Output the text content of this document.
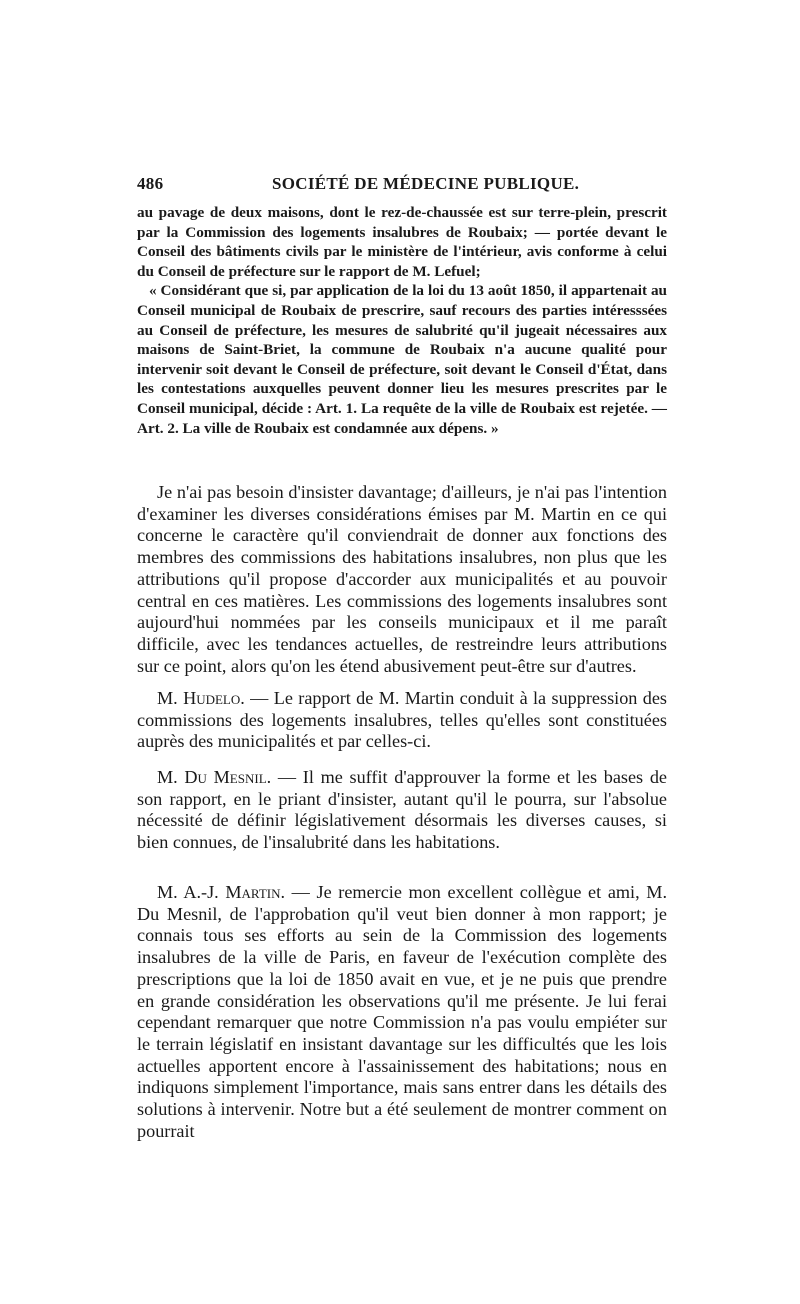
486	SOCIÉTÉ DE MÉDECINE PUBLIQUE.

au pavage de deux maisons, dont le rez-de-chaussée est sur terre-plein, prescrit par la Commission des logements insalubres de Roubaix; — portée devant le Conseil des bâtiments civils par le ministère de l'intérieur, avis conforme à celui du Conseil de préfecture sur le rapport de M. Lefuel;

« Considérant que si, par application de la loi du 13 août 1850, il appartenait au Conseil municipal de Roubaix de prescrire, sauf recours des parties intéresssées au Conseil de préfecture, les mesures de salubrité qu'il jugeait nécessaires aux maisons de Saint-Briet, la commune de Roubaix n'a aucune qualité pour intervenir soit devant le Conseil de préfecture, soit devant le Conseil d'État, dans les contestations auxquelles peuvent donner lieu les mesures prescrites par le Conseil municipal, décide : Art. 1. La requête de la ville de Roubaix est rejetée. — Art. 2. La ville de Roubaix est condamnée aux dépens. »

Je n'ai pas besoin d'insister davantage; d'ailleurs, je n'ai pas l'intention d'examiner les diverses considérations émises par M. Martin en ce qui concerne le caractère qu'il conviendrait de donner aux fonctions des membres des commissions des habitations insalubres, non plus que les attributions qu'il propose d'accorder aux municipalités et au pouvoir central en ces matières. Les commissions des logements insalubres sont aujourd'hui nommées par les conseils municipaux et il me paraît difficile, avec les tendances actuelles, de restreindre leurs attributions sur ce point, alors qu'on les étend abusivement peut-être sur d'autres.

M. Hudelo. — Le rapport de M. Martin conduit à la suppression des commissions des logements insalubres, telles qu'elles sont constituées auprès des municipalités et par celles-ci.

M. Du Mesnil. — Il me suffit d'approuver la forme et les bases de son rapport, en le priant d'insister, autant qu'il le pourra, sur l'absolue nécessité de définir législativement désormais les diverses causes, si bien connues, de l'insalubrité dans les habitations.

M. A.-J. Martin. — Je remercie mon excellent collègue et ami, M. Du Mesnil, de l'approbation qu'il veut bien donner à mon rapport; je connais tous ses efforts au sein de la Commission des logements insalubres de la ville de Paris, en faveur de l'exécution complète des prescriptions que la loi de 1850 avait en vue, et je ne puis que prendre en grande considération les observations qu'il me présente. Je lui ferai cependant remarquer que notre Commission n'a pas voulu empiéter sur le terrain législatif en insistant davantage sur les difficultés que les lois actuelles apportent encore à l'assainissement des habitations; nous en indiquons simplement l'importance, mais sans entrer dans les détails des solutions à intervenir. Notre but a été seulement de montrer comment on pourrait
